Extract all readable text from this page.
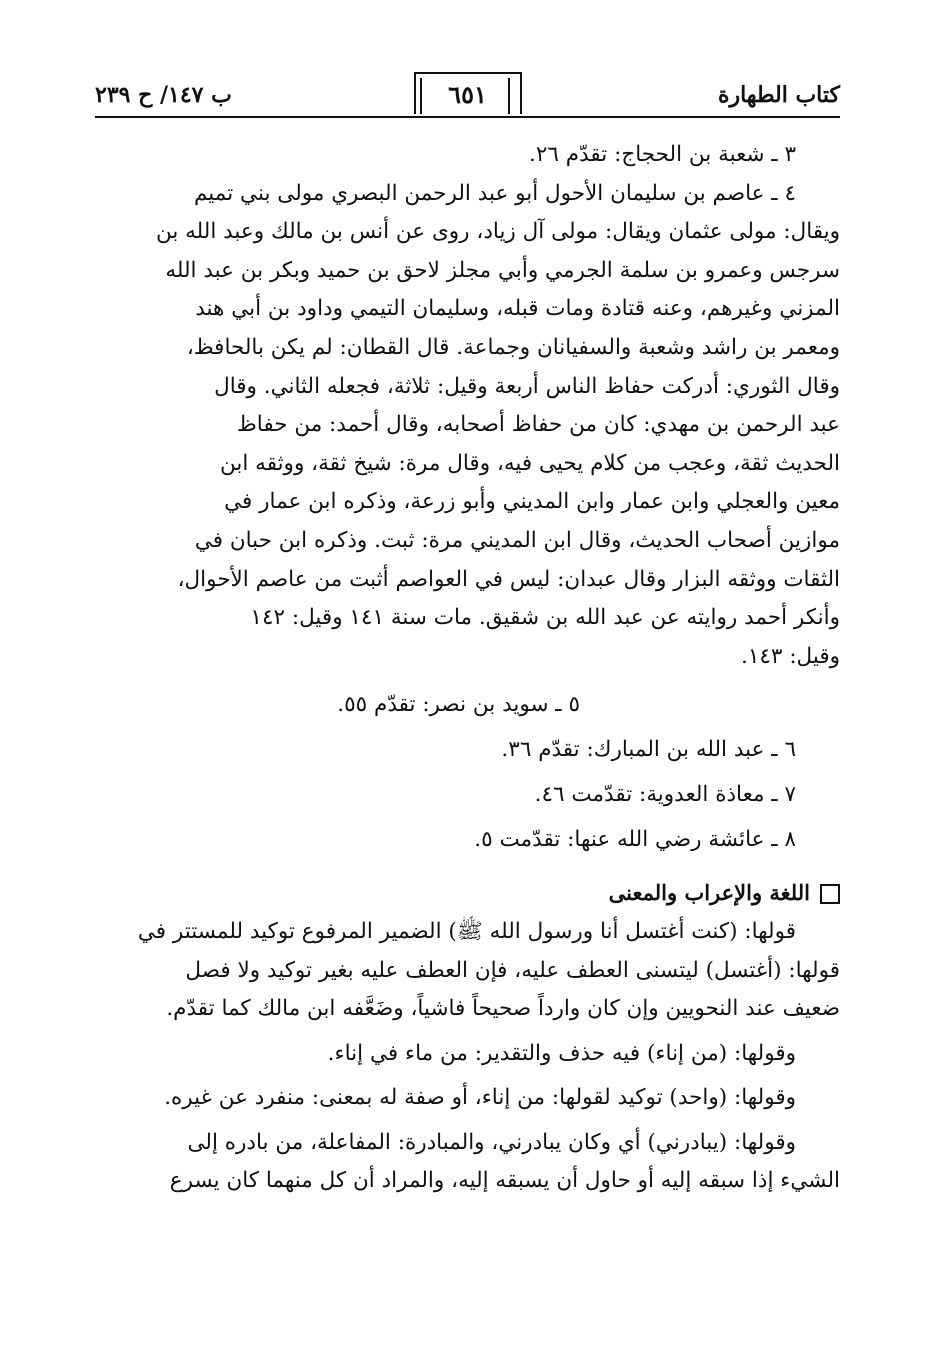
كتاب الطهارة
٦٥١
ب ١٤٧/ ح ٢٣٩

٣ ـ شعبة بن الحجاج: تقدّم ٢٦.

٤ ـ عاصم بن سليمان الأحول أبو عبد الرحمن البصري مولى بني تميم

ويقال: مولى عثمان ويقال: مولى آل زياد، روى عن أنس بن مالك وعبد الله بن

سرجس وعمرو بن سلمة الجرمي وأبي مجلز لاحق بن حميد وبكر بن عبد الله

المزني وغيرهم، وعنه قتادة ومات قبله، وسليمان التيمي وداود بن أبي هند

ومعمر بن راشد وشعبة والسفيانان وجماعة. قال القطان: لم يكن بالحافظ،

وقال الثوري: أدركت حفاظ الناس أربعة وقيل: ثلاثة، فجعله الثاني. وقال

عبد الرحمن بن مهدي: كان من حفاظ أصحابه، وقال أحمد: من حفاظ

الحديث ثقة، وعجب من كلام يحيى فيه، وقال مرة: شيخ ثقة، ووثقه ابن

معين والعجلي وابن عمار وابن المديني وأبو زرعة، وذكره ابن عمار في

موازين أصحاب الحديث، وقال ابن المديني مرة: ثبت. وذكره ابن حبان في

الثقات ووثقه البزار وقال عبدان: ليس في العواصم أثبت من عاصم الأحوال،

وأنكر أحمد روايته عن عبد الله بن شقيق. مات سنة ١٤١ وقيل: ١٤٢

وقيل: ١٤٣.

٥ ـ سويد بن نصر: تقدّم ٥٥.

٦ ـ عبد الله بن المبارك: تقدّم ٣٦.

٧ ـ معاذة العدوية: تقدّمت ٤٦.

٨ ـ عائشة رضي الله عنها: تقدّمت ٥.

اللغة والإعراب والمعنى

قولها: (كنت أغتسل أنا ورسول الله ﷺ) الضمير المرفوع توكيد للمستتر في

قولها: (أغتسل) ليتسنى العطف عليه، فإن العطف عليه بغير توكيد ولا فصل

ضعيف عند النحويين وإن كان وارداً صحيحاً فاشياً، وضَعَّفه ابن مالك كما تقدّم.

وقولها: (من إناء) فيه حذف والتقدير: من ماء في إناء.

وقولها: (واحد) توكيد لقولها: من إناء، أو صفة له بمعنى: منفرد عن غيره.

وقولها: (يبادرني) أي وكان يبادرني، والمبادرة: المفاعلة، من بادره إلى

الشيء إذا سبقه إليه أو حاول أن يسبقه إليه، والمراد أن كل منهما كان يسرع
